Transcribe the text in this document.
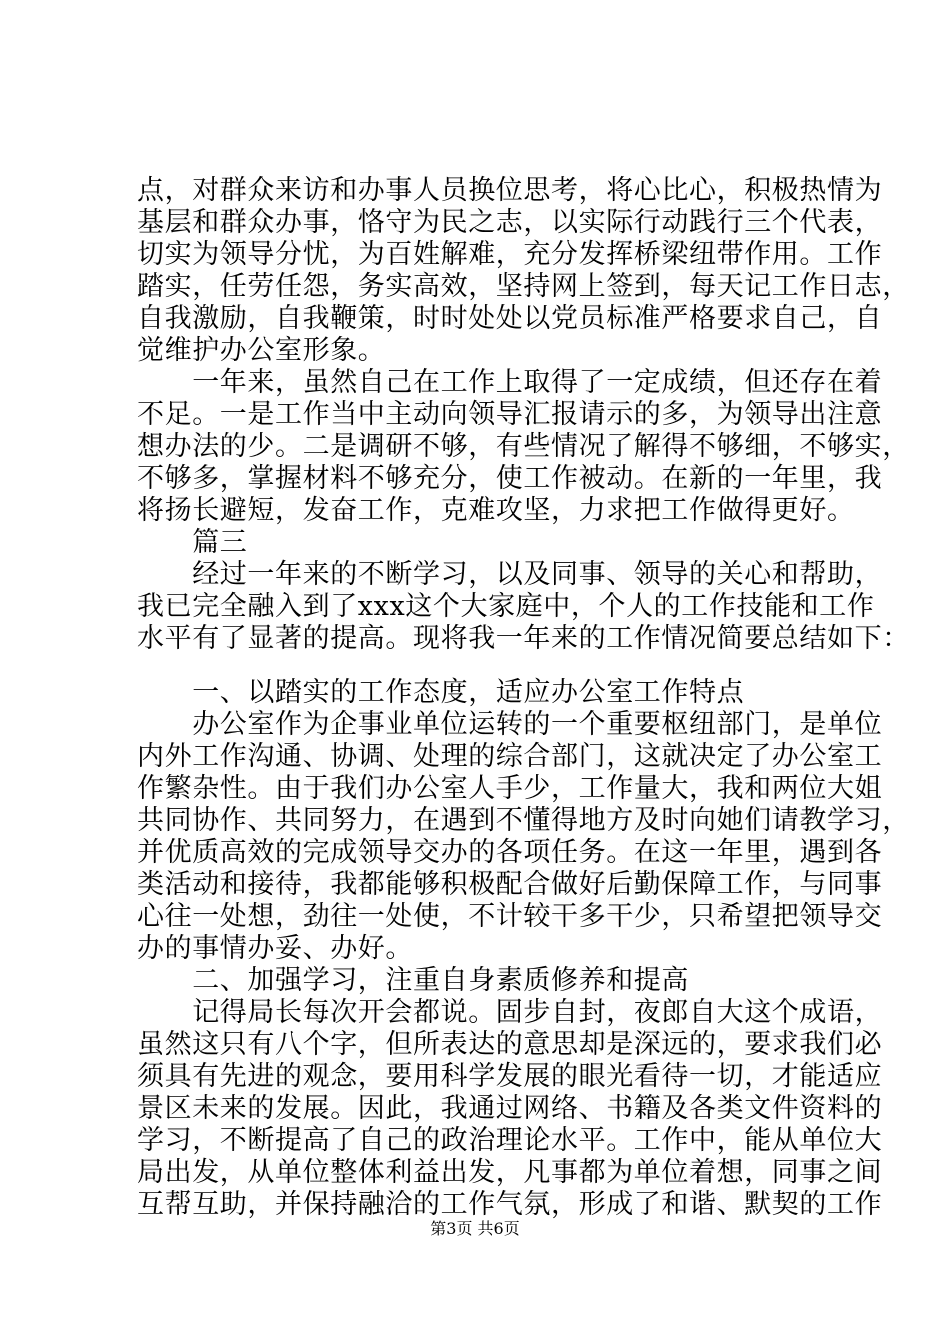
点，对群众来访和办事人员换位思考，将心比心，积极热情为
基层和群众办事，恪守为民之志，以实际行动践行三个代表，
切实为领导分忧，为百姓解难，充分发挥桥梁纽带作用。工作
踏实，任劳任怨，务实高效，坚持网上签到，每天记工作日志，
自我激励，自我鞭策，时时处处以党员标准严格要求自己，自
觉维护办公室形象。
　　一年来，虽然自己在工作上取得了一定成绩，但还存在着
不足。一是工作当中主动向领导汇报请示的多，为领导出注意
想办法的少。二是调研不够，有些情况了解得不够细，不够实，
不够多，掌握材料不够充分，使工作被动。在新的一年里，我
将扬长避短，发奋工作，克难攻坚，力求把工作做得更好。
　　篇三
　　经过一年来的不断学习，以及同事、领导的关心和帮助，
我已完全融入到了xxx这个大家庭中，个人的工作技能和工作
水平有了显著的提高。现将我一年来的工作情况简要总结如下：
　　一、以踏实的工作态度，适应办公室工作特点
　　办公室作为企事业单位运转的一个重要枢纽部门，是单位
内外工作沟通、协调、处理的综合部门，这就决定了办公室工
作繁杂性。由于我们办公室人手少，工作量大，我和两位大姐
共同协作、共同努力，在遇到不懂得地方及时向她们请教学习，
并优质高效的完成领导交办的各项任务。在这一年里，遇到各
类活动和接待，我都能够积极配合做好后勤保障工作，与同事
心往一处想，劲往一处使，不计较干多干少，只希望把领导交
办的事情办妥、办好。
　　二、加强学习，注重自身素质修养和提高
　　记得局长每次开会都说。固步自封，夜郎自大这个成语，
虽然这只有八个字，但所表达的意思却是深远的，要求我们必
须具有先进的观念，要用科学发展的眼光看待一切，才能适应
景区未来的发展。因此，我通过网络、书籍及各类文件资料的
学习，不断提高了自己的政治理论水平。工作中，能从单位大
局出发，从单位整体利益出发，凡事都为单位着想，同事之间
互帮互助，并保持融洽的工作气氛，形成了和谐、默契的工作
第3页 共6页
